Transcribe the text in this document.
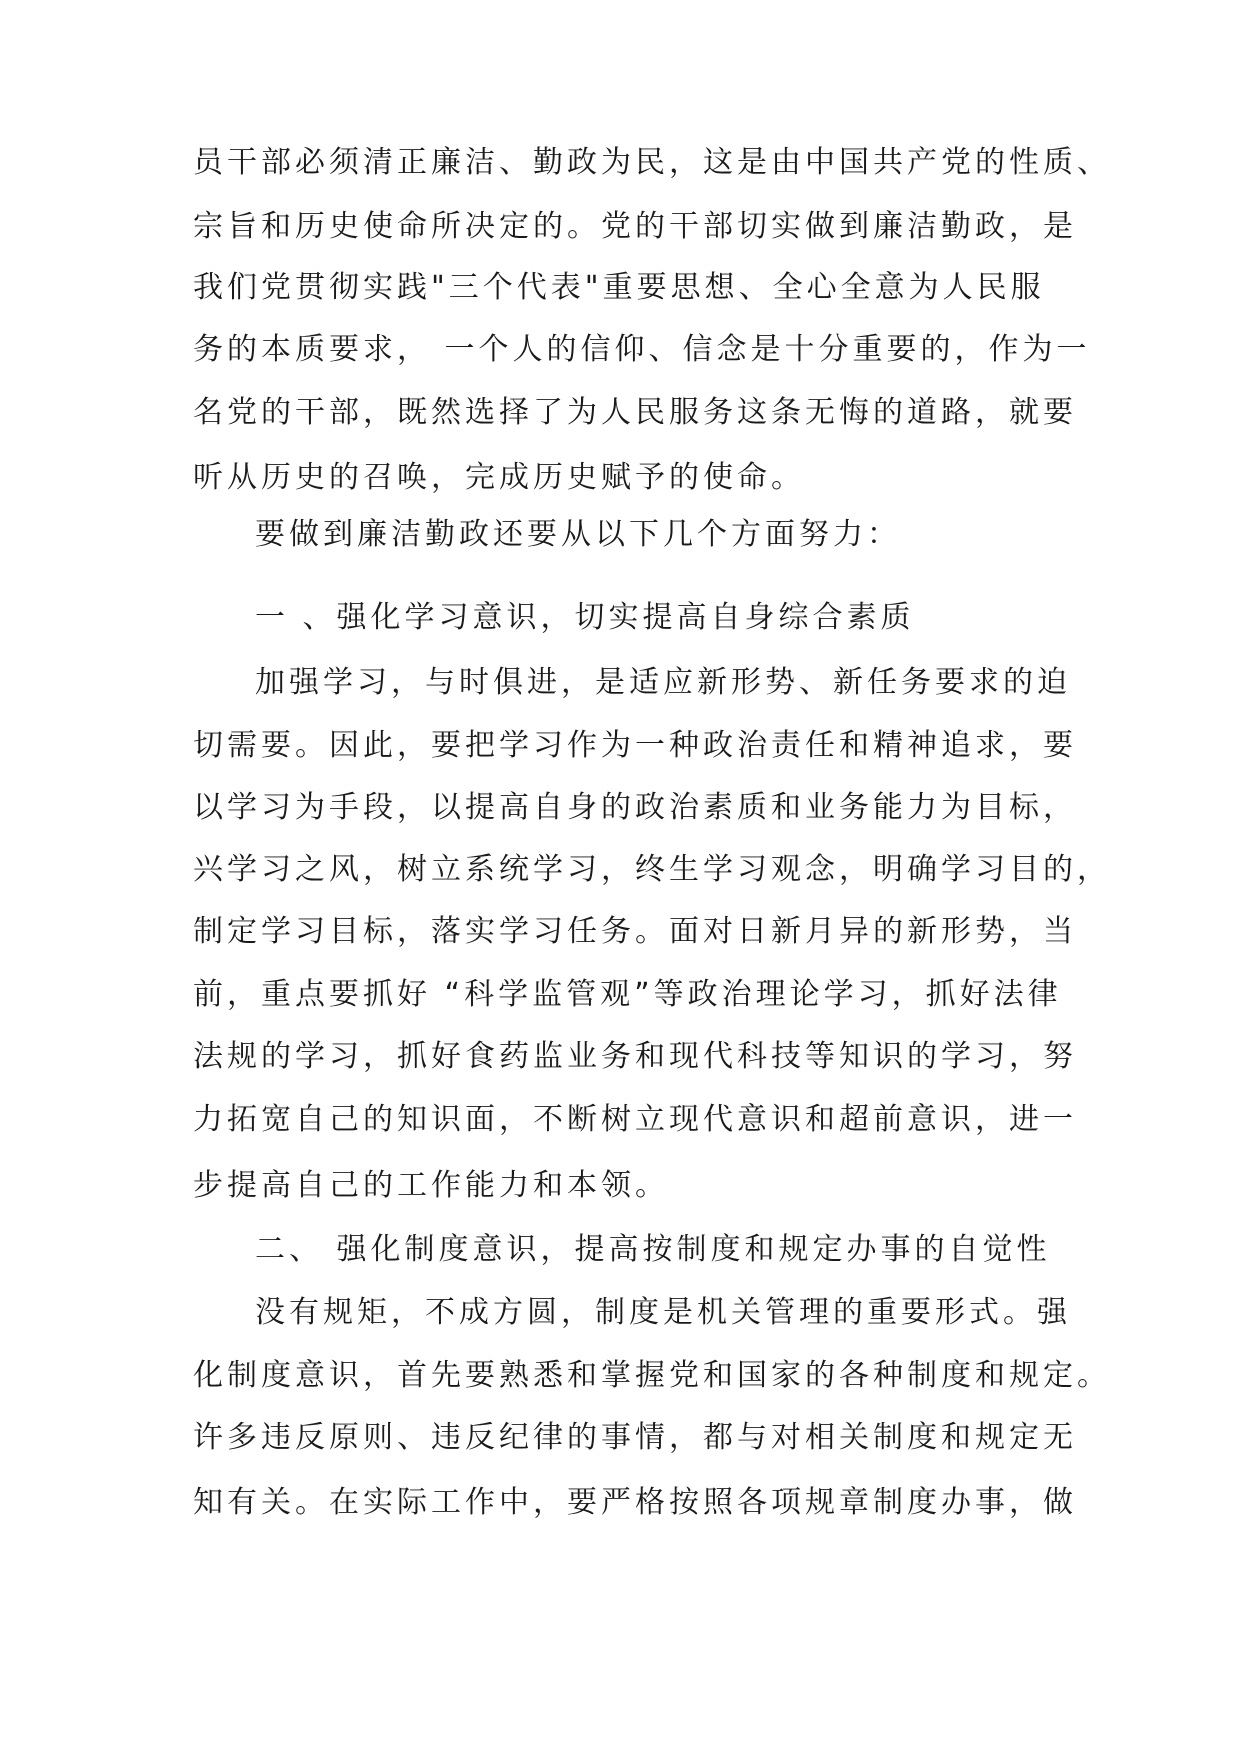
员干部必须清正廉洁、勤政为民，这是由中国共产党的性质、

宗旨和历史使命所决定的。党的干部切实做到廉洁勤政，是

我们党贯彻实践"三个代表"重要思想、全心全意为人民服

务的本质要求， 一个人的信仰、信念是十分重要的，作为一

名党的干部，既然选择了为人民服务这条无悔的道路，就要

听从历史的召唤，完成历史赋予的使命。

要做到廉洁勤政还要从以下几个方面努力：

一 、强化学习意识，切实提高自身综合素质

加强学习，与时俱进，是适应新形势、新任务要求的迫

切需要。因此，要把学习作为一种政治责任和精神追求，要

以学习为手段，以提高自身的政治素质和业务能力为目标，

兴学习之风，树立系统学习，终生学习观念，明确学习目的，

制定学习目标，落实学习任务。面对日新月异的新形势，当

前，重点要抓好 “科学监管观”等政治理论学习，抓好法律

法规的学习，抓好食药监业务和现代科技等知识的学习，努

力拓宽自己的知识面，不断树立现代意识和超前意识，进一

步提高自己的工作能力和本领。

二、 强化制度意识，提高按制度和规定办事的自觉性

没有规矩，不成方圆，制度是机关管理的重要形式。强

化制度意识，首先要熟悉和掌握党和国家的各种制度和规定。

许多违反原则、违反纪律的事情，都与对相关制度和规定无

知有关。在实际工作中，要严格按照各项规章制度办事，做
